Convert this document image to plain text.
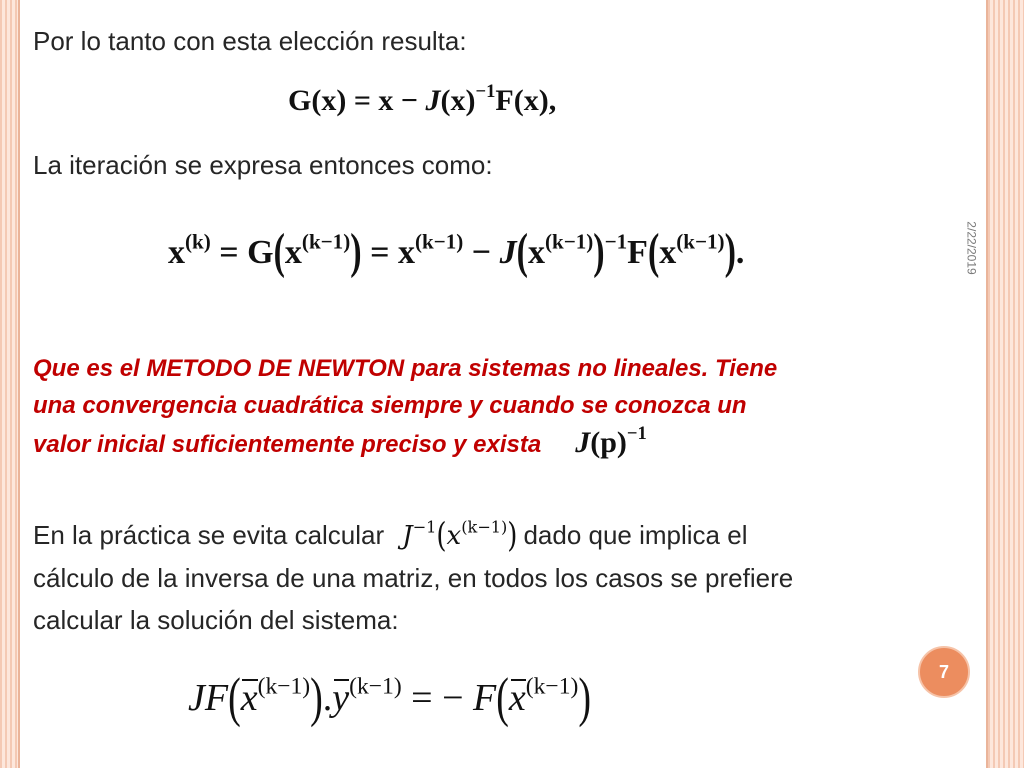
2/22/2019
7

Por lo tanto con esta elección resulta:

$G(x) = x - J(x)^{-1}F(x)$,

La iteración se expresa entonces como:

$x^{(k)} = G(x^{(k-1)}) = x^{(k-1)} - J(x^{(k-1)})^{-1}F(x^{(k-1)})$.

Que es el METODO DE NEWTON para sistemas no lineales. Tiene
una convergencia cuadrática siempre y cuando se conozca un
valor inicial suficientemente preciso y exista $J(p)^{-1}$

En la práctica se evita calcular $J^{-1}(x^{(k-1)})$ dado que implica el
cálculo de la inversa de una matriz, en todos los casos se prefiere
calcular la solución del sistema:

$JF(x^{(k-1)}).y^{(k-1)}$ = − $F(x^{(k-1)})$
